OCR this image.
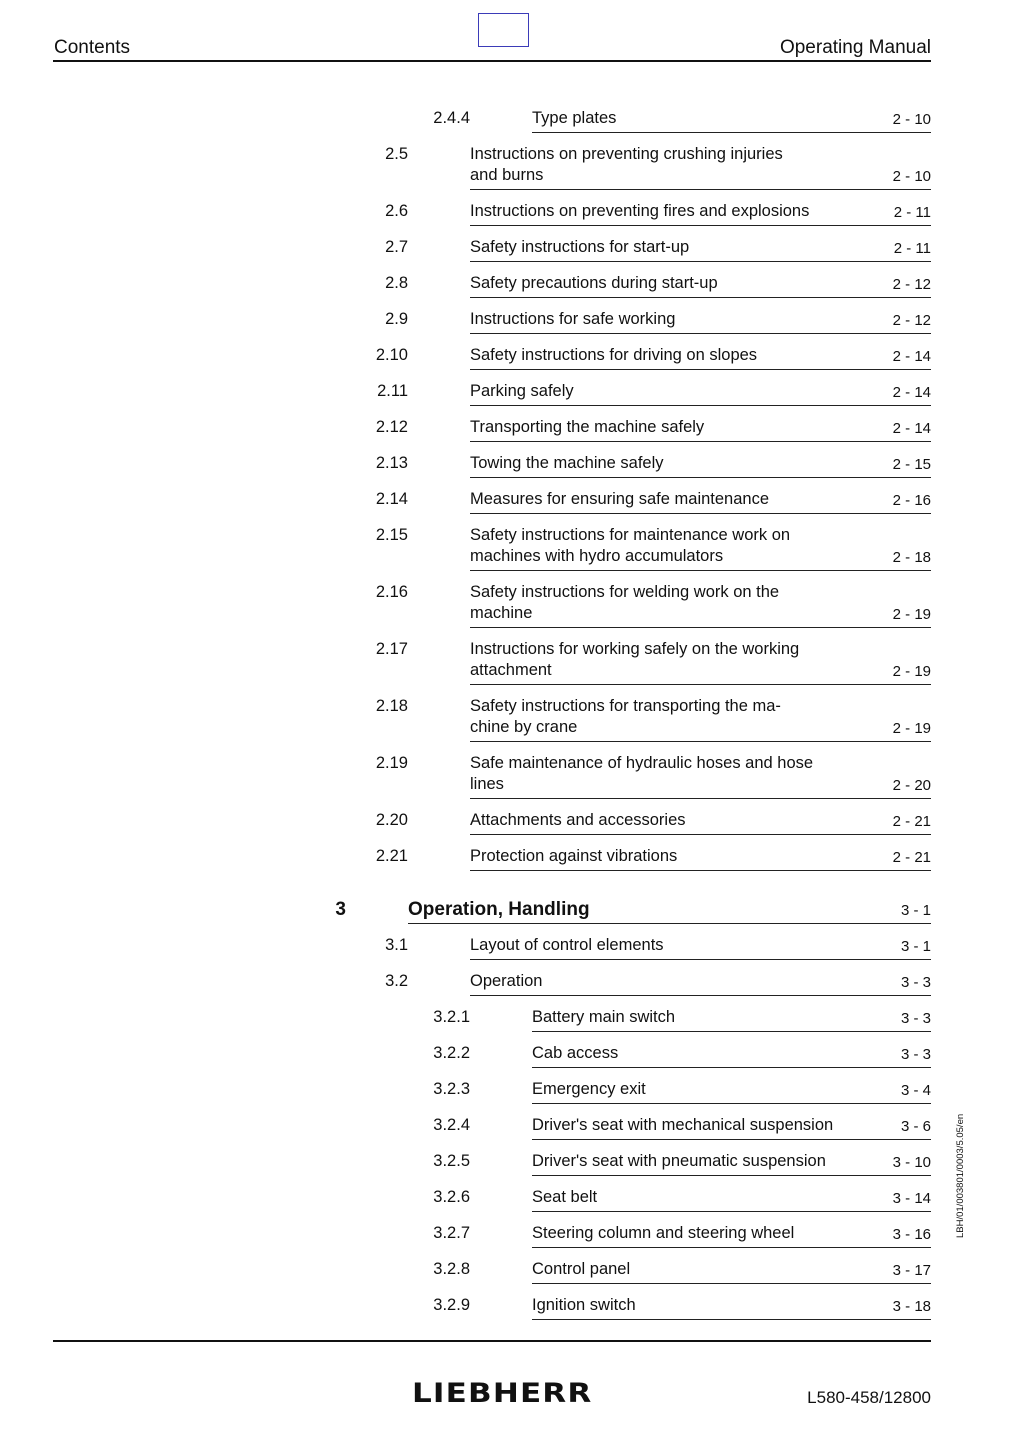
Contents	Operating Manual
2.4.4	Type plates	2 - 10
2.5	Instructions on preventing crushing injuries
and burns	2 - 10
2.6	Instructions on preventing fires and explosions	2 - 11
2.7	Safety instructions for start-up	2 - 11
2.8	Safety precautions during start-up	2 - 12
2.9	Instructions for safe working	2 - 12
2.10	Safety instructions for driving on slopes	2 - 14
2.11	Parking safely	2 - 14
2.12	Transporting the machine safely	2 - 14
2.13	Towing the machine safely	2 - 15
2.14	Measures for ensuring safe maintenance	2 - 16
2.15	Safety instructions for maintenance work on
machines with hydro accumulators	2 - 18
2.16	Safety instructions for welding work on the
machine	2 - 19
2.17	Instructions for working safely on the working
attachment	2 - 19
2.18	Safety instructions for transporting the ma-
chine by crane	2 - 19
2.19	Safe maintenance of hydraulic hoses and hose
lines	2 - 20
2.20	Attachments and accessories	2 - 21
2.21	Protection against vibrations	2 - 21
3	Operation, Handling	3 - 1
3.1	Layout of control elements	3 - 1
3.2	Operation	3 - 3
3.2.1	Battery main switch	3 - 3
3.2.2	Cab access	3 - 3
3.2.3	Emergency exit	3 - 4
3.2.4	Driver's seat with mechanical suspension	3 - 6
3.2.5	Driver's seat with pneumatic suspension	3 - 10
3.2.6	Seat belt	3 - 14
3.2.7	Steering column and steering wheel	3 - 16
3.2.8	Control panel	3 - 17
3.2.9	Ignition switch	3 - 18
LIEBHERR	L580-458/12800
LBH/01/003801/0003/5.05/en
